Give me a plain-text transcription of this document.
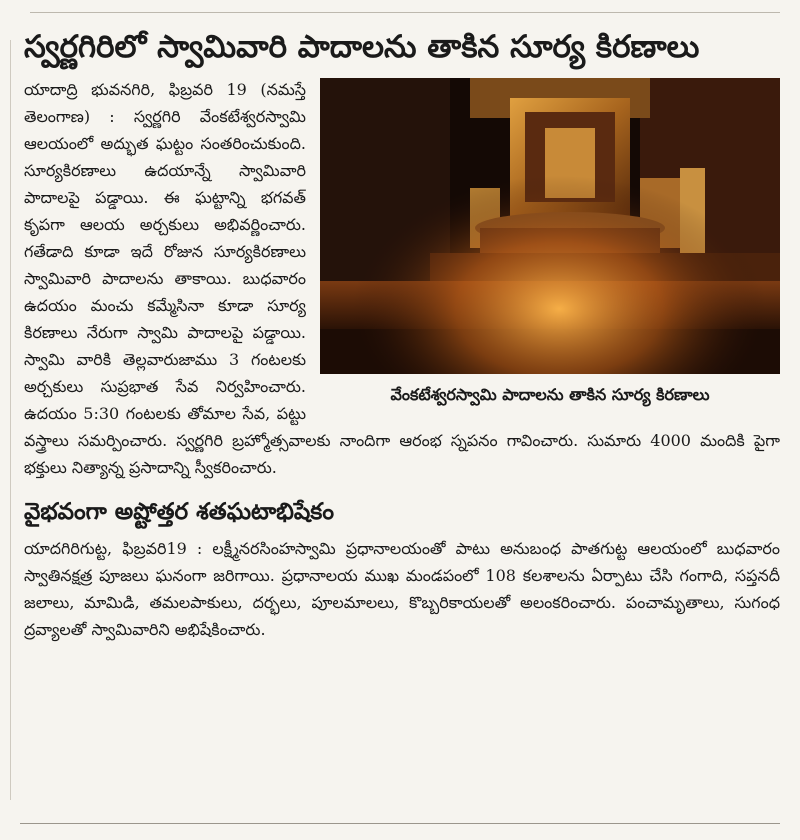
స్వర్ణగిరిలో స్వామివారి పాదాలను తాకిన సూర్య కిరణాలు
వేంకటేశ్వరస్వామి పాదాలను తాకిన సూర్య కిరణాలు
యాదాద్రి భువనగిరి, ఫిబ్రవరి 19 (నమస్తే తెలంగాణ) : స్వర్ణగిరి వేంకటేశ్వరస్వామి ఆలయంలో అద్భుత ఘట్టం సంతరించుకుంది. సూర్యకిరణాలు ఉదయాన్నే స్వామివారి పాదాలపై పడ్డాయి. ఈ ఘట్టాన్ని భగవత్ కృపగా ఆలయ అర్చకులు అభివర్ణించారు. గతేడాది కూడా ఇదే రోజున సూర్యకిరణాలు స్వామివారి పాదాలను తాకాయి. బుధవారం ఉదయం మంచు కమ్మేసినా కూడా సూర్య కిరణాలు నేరుగా స్వామి పాదాలపై పడ్డాయి. స్వామి వారికి తెల్లవారుజాము 3 గంటలకు అర్చకులు సుప్రభాత సేవ నిర్వహించారు. ఉదయం 5:30 గంటలకు తోమాల సేవ, పట్టు వస్త్రాలు సమర్పించారు. స్వర్ణగిరి బ్రహ్మోత్సవాలకు నాందిగా ఆరంభ స్నపనం గావించారు. సుమారు 4000 మందికి పైగా భక్తులు నిత్యాన్న ప్రసాదాన్ని స్వీకరించారు.
వైభవంగా అష్టోత్తర శతఘటాభిషేకం
యాదగిరిగుట్ట, ఫిబ్రవరి19 : లక్ష్మీనరసింహస్వామి ప్రధానాలయంతో పాటు అనుబంధ పాతగుట్ట ఆలయంలో బుధవారం స్వాతినక్షత్ర పూజలు ఘనంగా జరిగాయి. ప్రధానాలయ ముఖ మండపంలో 108 కలశాలను ఏర్పాటు చేసి గంగాది, సప్తనదీ జలాలు, మామిడి, తమలపాకులు, దర్భలు, పూలమాలలు, కొబ్బరికాయలతో అలంకరించారు. పంచామృతాలు, సుగంధ ద్రవ్యాలతో స్వామివారిని అభిషేకించారు.
